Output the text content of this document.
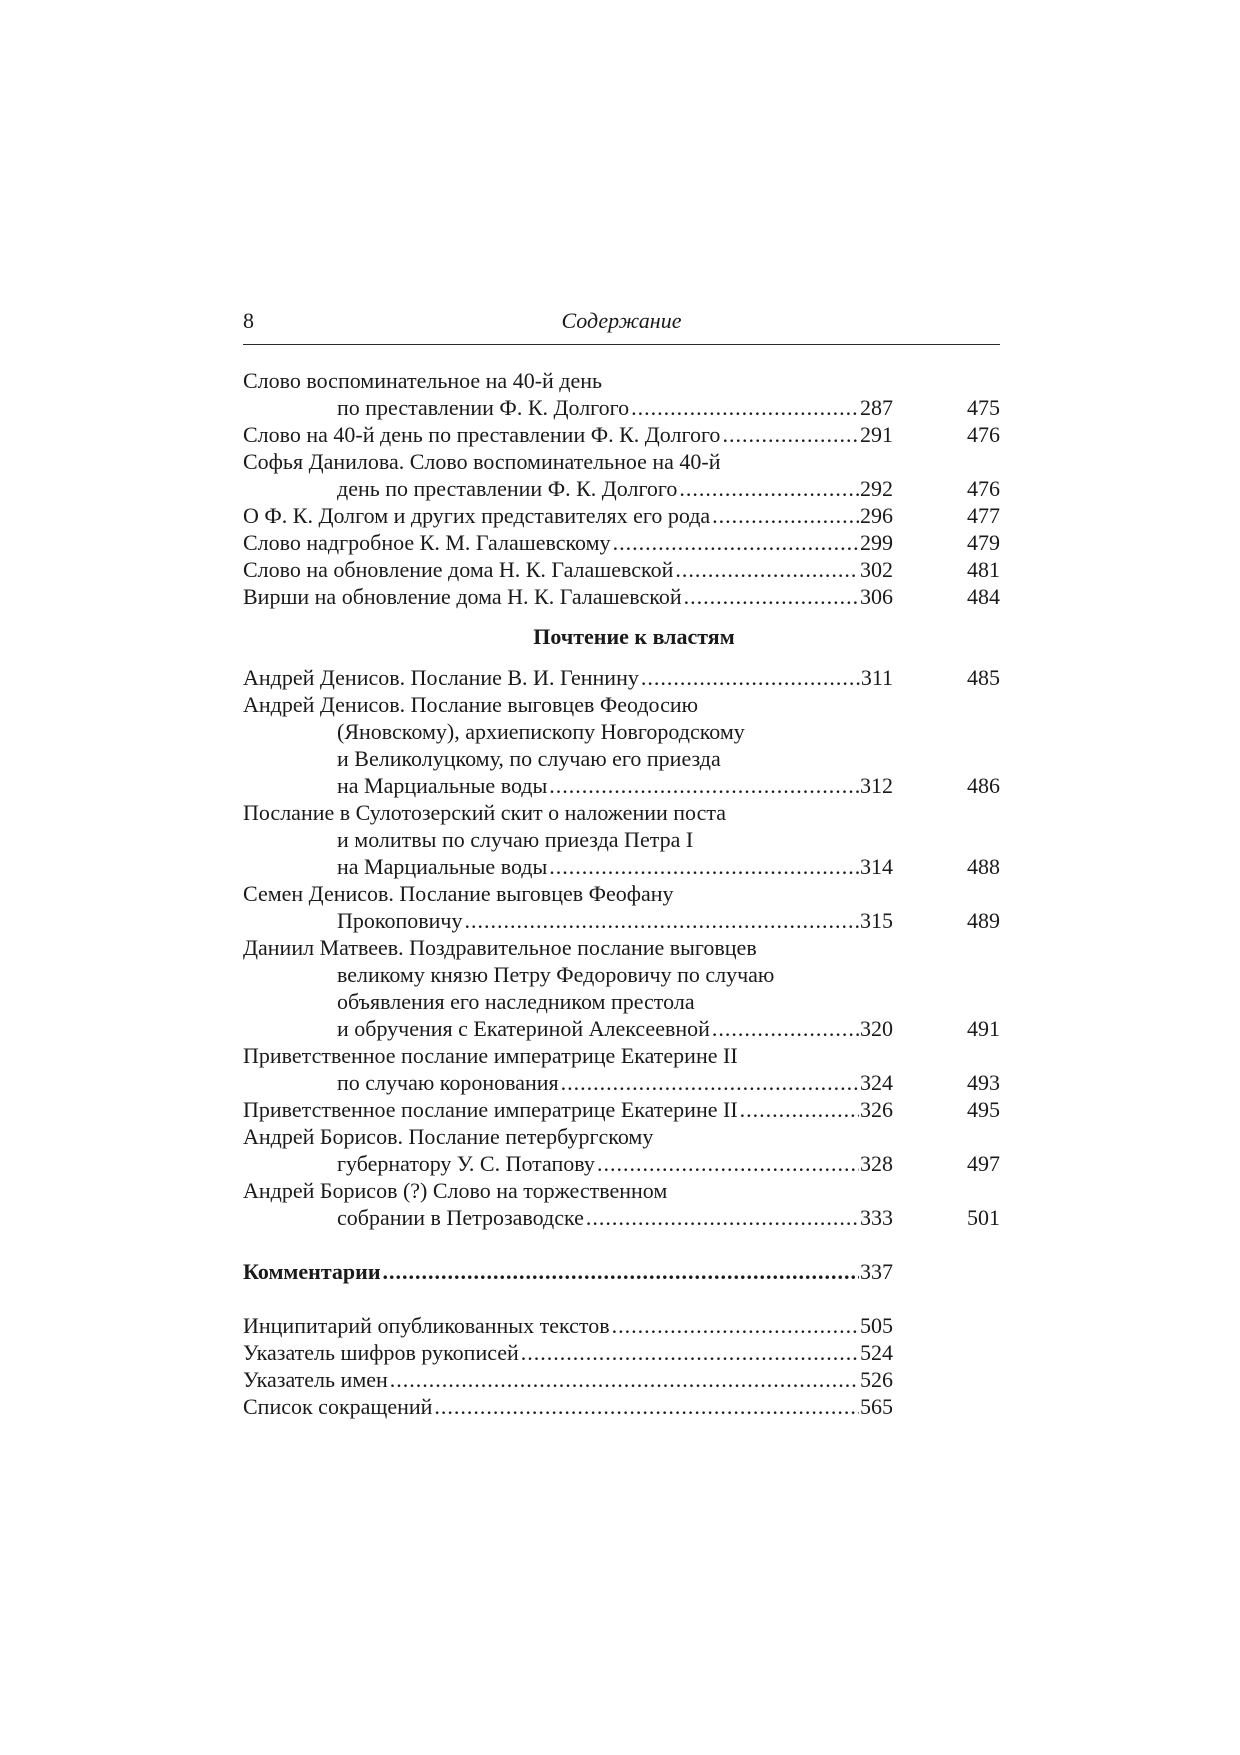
8	Содержание
Слово воспоминательное на 40-й день
по преставлении Ф. К. Долгого .....	287	475
Слово на 40-й день по преставлении Ф. К. Долгого .....	291	476
Софья Данилова. Слово воспоминательное на 40-й
день по преставлении Ф. К. Долгого .....	292	476
О Ф. К. Долгом и других представителях его рода .....	296	477
Слово надгробное К. М. Галашевскому .....	299	479
Слово на обновление дома Н. К. Галашевской .....	302	481
Вирши на обновление дома Н. К. Галашевской .....	306	484
Почтение к властям
Андрей Денисов. Послание В. И. Геннину .....	311	485
Андрей Денисов. Послание выговцев Феодосию
(Яновскому), архиепископу Новгородскому
и Великолуцкому, по случаю его приезда
на Марциальные воды .....	312	486
Послание в Сулотозерский скит о наложении поста
и молитвы по случаю приезда Петра I
на Марциальные воды .....	314	488
Семен Денисов. Послание выговцев Феофану
Прокоповичу .....	315	489
Даниил Матвеев. Поздравительное послание выговцев
великому князю Петру Федоровичу по случаю
объявления его наследником престола
и обручения с Екатериной Алексеевной .....	320	491
Приветственное послание императрице Екатерине II
по случаю коронования .....	324	493
Приветственное послание императрице Екатерине II .....	326	495
Андрей Борисов. Послание петербургскому
губернатору У. С. Потапову .....	328	497
Андрей Борисов (?) Слово на торжественном
собрании в Петрозаводске .....	333	501
Комментарии .....	337
Инципитарий опубликованных текстов .....	505
Указатель шифров рукописей .....	524
Указатель имен .....	526
Список сокращений .....	565
